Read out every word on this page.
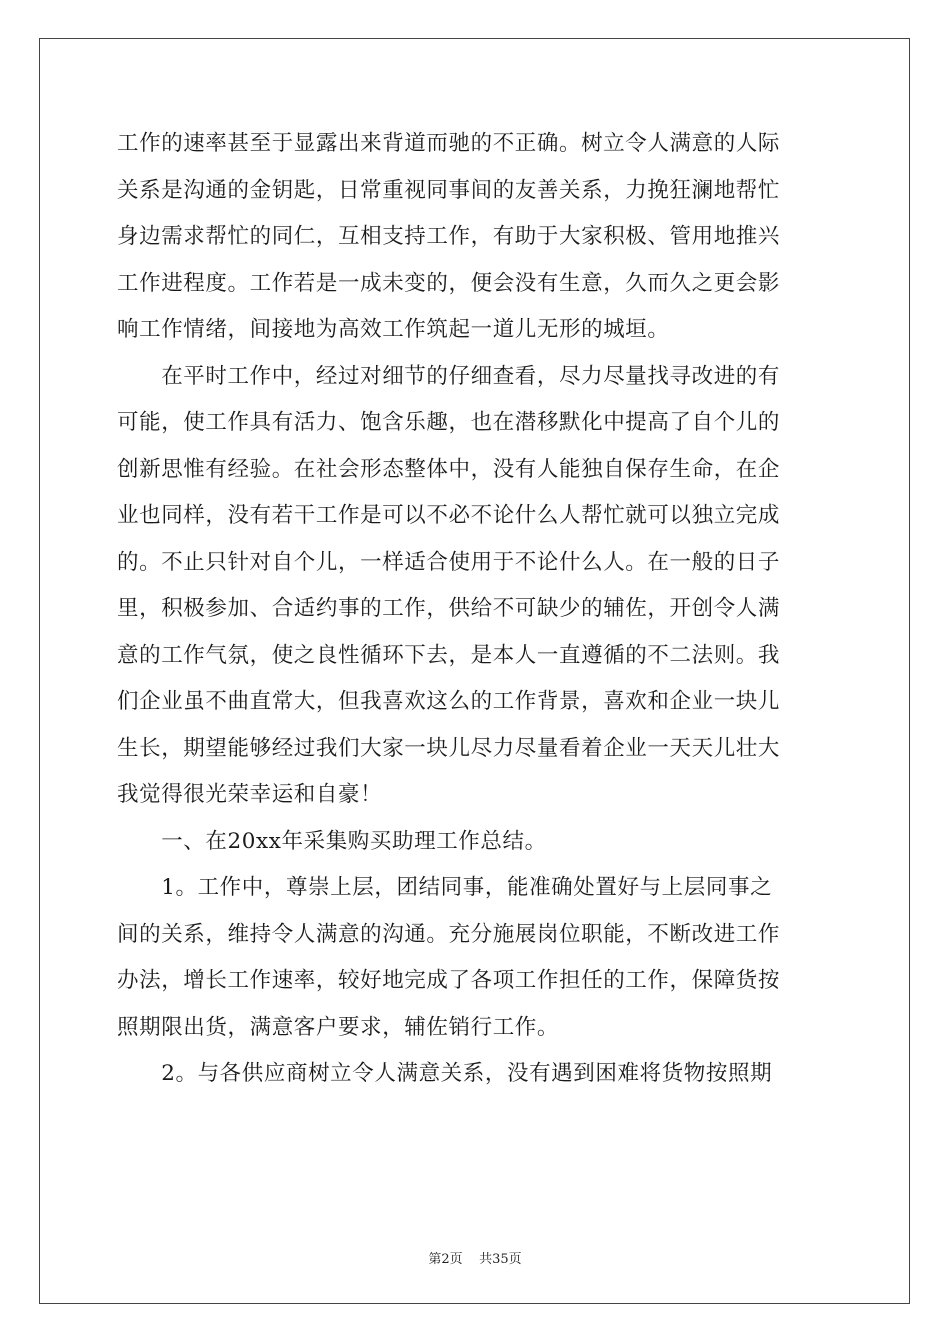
工作的速率甚至于显露出来背道而驰的不正确。树立令人满意的人际
关系是沟通的金钥匙，日常重视同事间的友善关系，力挽狂澜地帮忙
身边需求帮忙的同仁，互相支持工作，有助于大家积极、管用地推兴
工作进程度。工作若是一成未变的，便会没有生意，久而久之更会影
响工作情绪，间接地为高效工作筑起一道儿无形的城垣。
　　在平时工作中，经过对细节的仔细查看，尽力尽量找寻改进的有
可能，使工作具有活力、饱含乐趣，也在潜移默化中提高了自个儿的
创新思惟有经验。在社会形态整体中，没有人能独自保存生命，在企
业也同样，没有若干工作是可以不必不论什么人帮忙就可以独立完成
的。不止只针对自个儿，一样适合使用于不论什么人。在一般的日子
里，积极参加、合适约事的工作，供给不可缺少的辅佐，开创令人满
意的工作气氛，使之良性循环下去，是本人一直遵循的不二法则。我
们企业虽不曲直常大，但我喜欢这么的工作背景，喜欢和企业一块儿
生长，期望能够经过我们大家一块儿尽力尽量看着企业一天天儿壮大
我觉得很光荣幸运和自豪！
　　一、在20xx年采集购买助理工作总结。
　　1。工作中，尊崇上层，团结同事，能准确处置好与上层同事之
间的关系，维持令人满意的沟通。充分施展岗位职能，不断改进工作
办法，增长工作速率，较好地完成了各项工作担任的工作，保障货按
照期限出货，满意客户要求，辅佐销行工作。
　　2。与各供应商树立令人满意关系，没有遇到困难将货物按照期
第2页 共35页
